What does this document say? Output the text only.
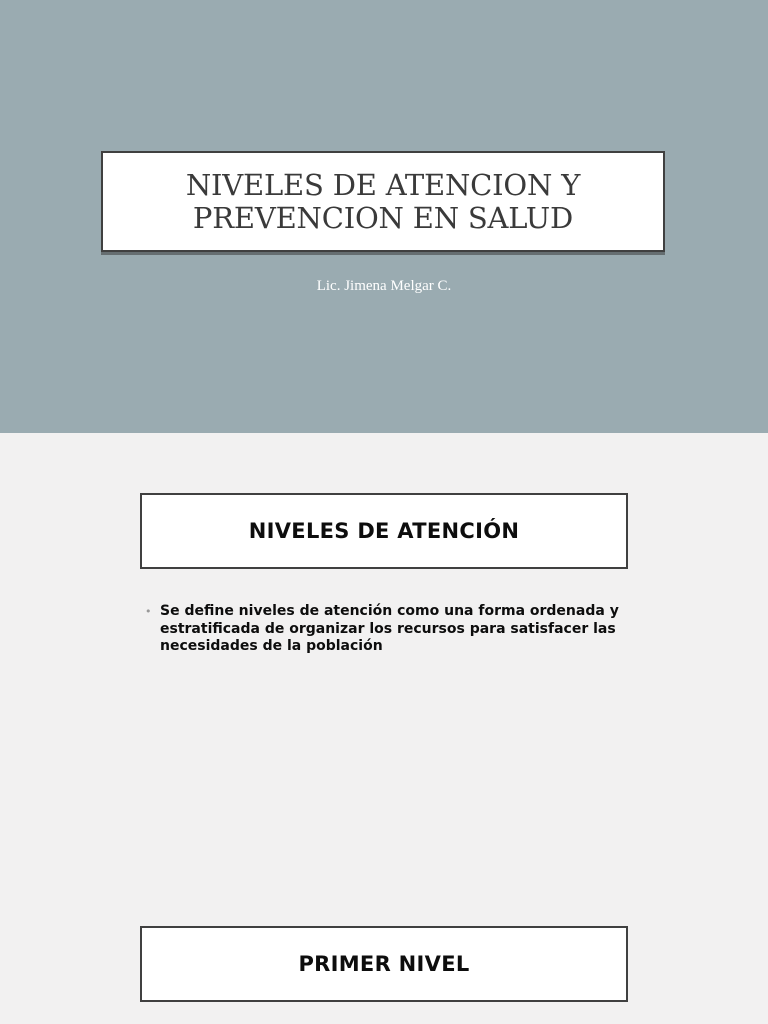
NIVELES DE ATENCION Y
PREVENCION EN SALUD
Lic. Jimena Melgar C.
NIVELES DE ATENCIÓN
• Se define niveles de atención como una forma ordenada y estratificada de organizar los recursos para satisfacer las necesidades de la población
PRIMER NIVEL
